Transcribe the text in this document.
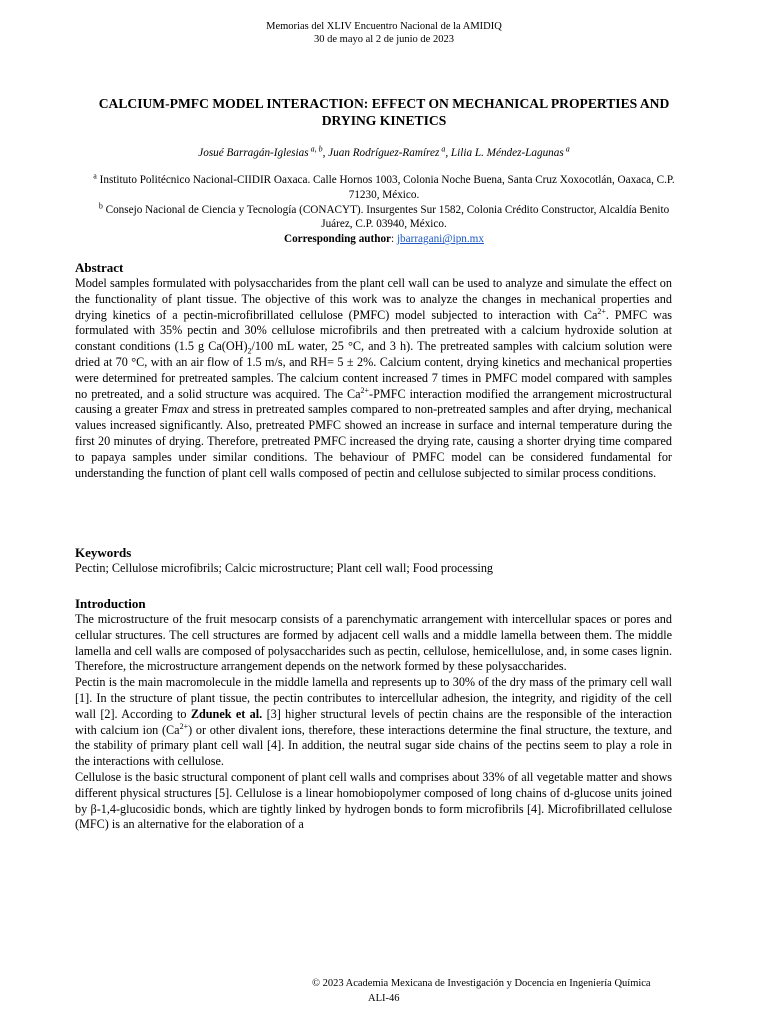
Memorias del XLIV Encuentro Nacional de la AMIDIQ
30 de mayo al 2 de junio de 2023
CALCIUM-PMFC MODEL INTERACTION: EFFECT ON MECHANICAL PROPERTIES AND DRYING KINETICS
Josué Barragán-Iglesias $^{a, b}$, Juan Rodríguez-Ramírez $^a$, Lilia L. Méndez-Lagunas $^a$
$^a$ Instituto Politécnico Nacional-CIIDIR Oaxaca. Calle Hornos 1003, Colonia Noche Buena, Santa Cruz Xoxocotlán, Oaxaca, C.P. 71230, México.
$^b$ Consejo Nacional de Ciencia y Tecnología (CONACYT). Insurgentes Sur 1582, Colonia Crédito Constructor, Alcaldía Benito Juárez, C.P. 03940, México.
Corresponding author: jbarragani@ipn.mx
Abstract

Model samples formulated with polysaccharides from the plant cell wall can be used to analyze and simulate the effect on the functionality of plant tissue. The objective of this work was to analyze the changes in mechanical properties and drying kinetics of a pectin-microfibrillated cellulose (PMFC) model subjected to interaction with $Ca^{2+}$. PMFC was formulated with 35% pectin and 30% cellulose microfibrils and then pretreated with a calcium hydroxide solution at constant conditions (1.5 g $Ca(OH)_2/100$ mL water, 25 °C, and 3 h). The pretreated samples with calcium solution were dried at 70 °C, with an air flow of 1.5 m/s, and RH= 5 ± 2%. Calcium content, drying kinetics and mechanical properties were determined for pretreated samples. The calcium content increased 7 times in PMFC model compared with samples no pretreated, and a solid structure was acquired. The $Ca^{2+}$-PMFC interaction modified the arrangement microstructural causing a greater Fmax and stress in pretreated samples compared to non-pretreated samples and after drying, mechanical values increased significantly. Also, pretreated PMFC showed an increase in surface and internal temperature during the first 20 minutes of drying. Therefore, pretreated PMFC increased the drying rate, causing a shorter drying time compared to papaya samples under similar conditions. The behaviour of PMFC model can be considered fundamental for understanding the function of plant cell walls composed of pectin and cellulose subjected to similar process conditions.

Keywords

Pectin; Cellulose microfibrils; Calcic microstructure; Plant cell wall; Food processing

Introduction

The microstructure of the fruit mesocarp consists of a parenchymatic arrangement with intercellular spaces or pores and cellular structures. The cell structures are formed by adjacent cell walls and a middle lamella between them. The middle lamella and cell walls are composed of polysaccharides such as pectin, cellulose, hemicellulose, and, in some cases lignin. Therefore, the microstructure arrangement depends on the network formed by these polysaccharides.

Pectin is the main macromolecule in the middle lamella and represents up to 30% of the dry mass of the primary cell wall [1]. In the structure of plant tissue, the pectin contributes to intercellular adhesion, the integrity, and rigidity of the cell wall [2]. According to Zdunek et al. [3] higher structural levels of pectin chains are the responsible of the interaction with calcium ion $(Ca^{2+})$ or other divalent ions, therefore, these interactions determine the final structure, the texture, and the stability of primary plant cell wall [4]. In addition, the neutral sugar side chains of the pectins seem to play a role in the interactions with cellulose.

Cellulose is the basic structural component of plant cell walls and comprises about 33% of all vegetable matter and shows different physical structures [5]. Cellulose is a linear homobiopolymer composed of long chains of d-glucose units joined by β-1,4-glucosidic bonds, which are tightly linked by hydrogen bonds to form microfibrils [4]. Microfibrillated cellulose (MFC) is an alternative for the elaboration of a

© 2023 Academia Mexicana de Investigación y Docencia en Ingeniería Química
ALI-46
